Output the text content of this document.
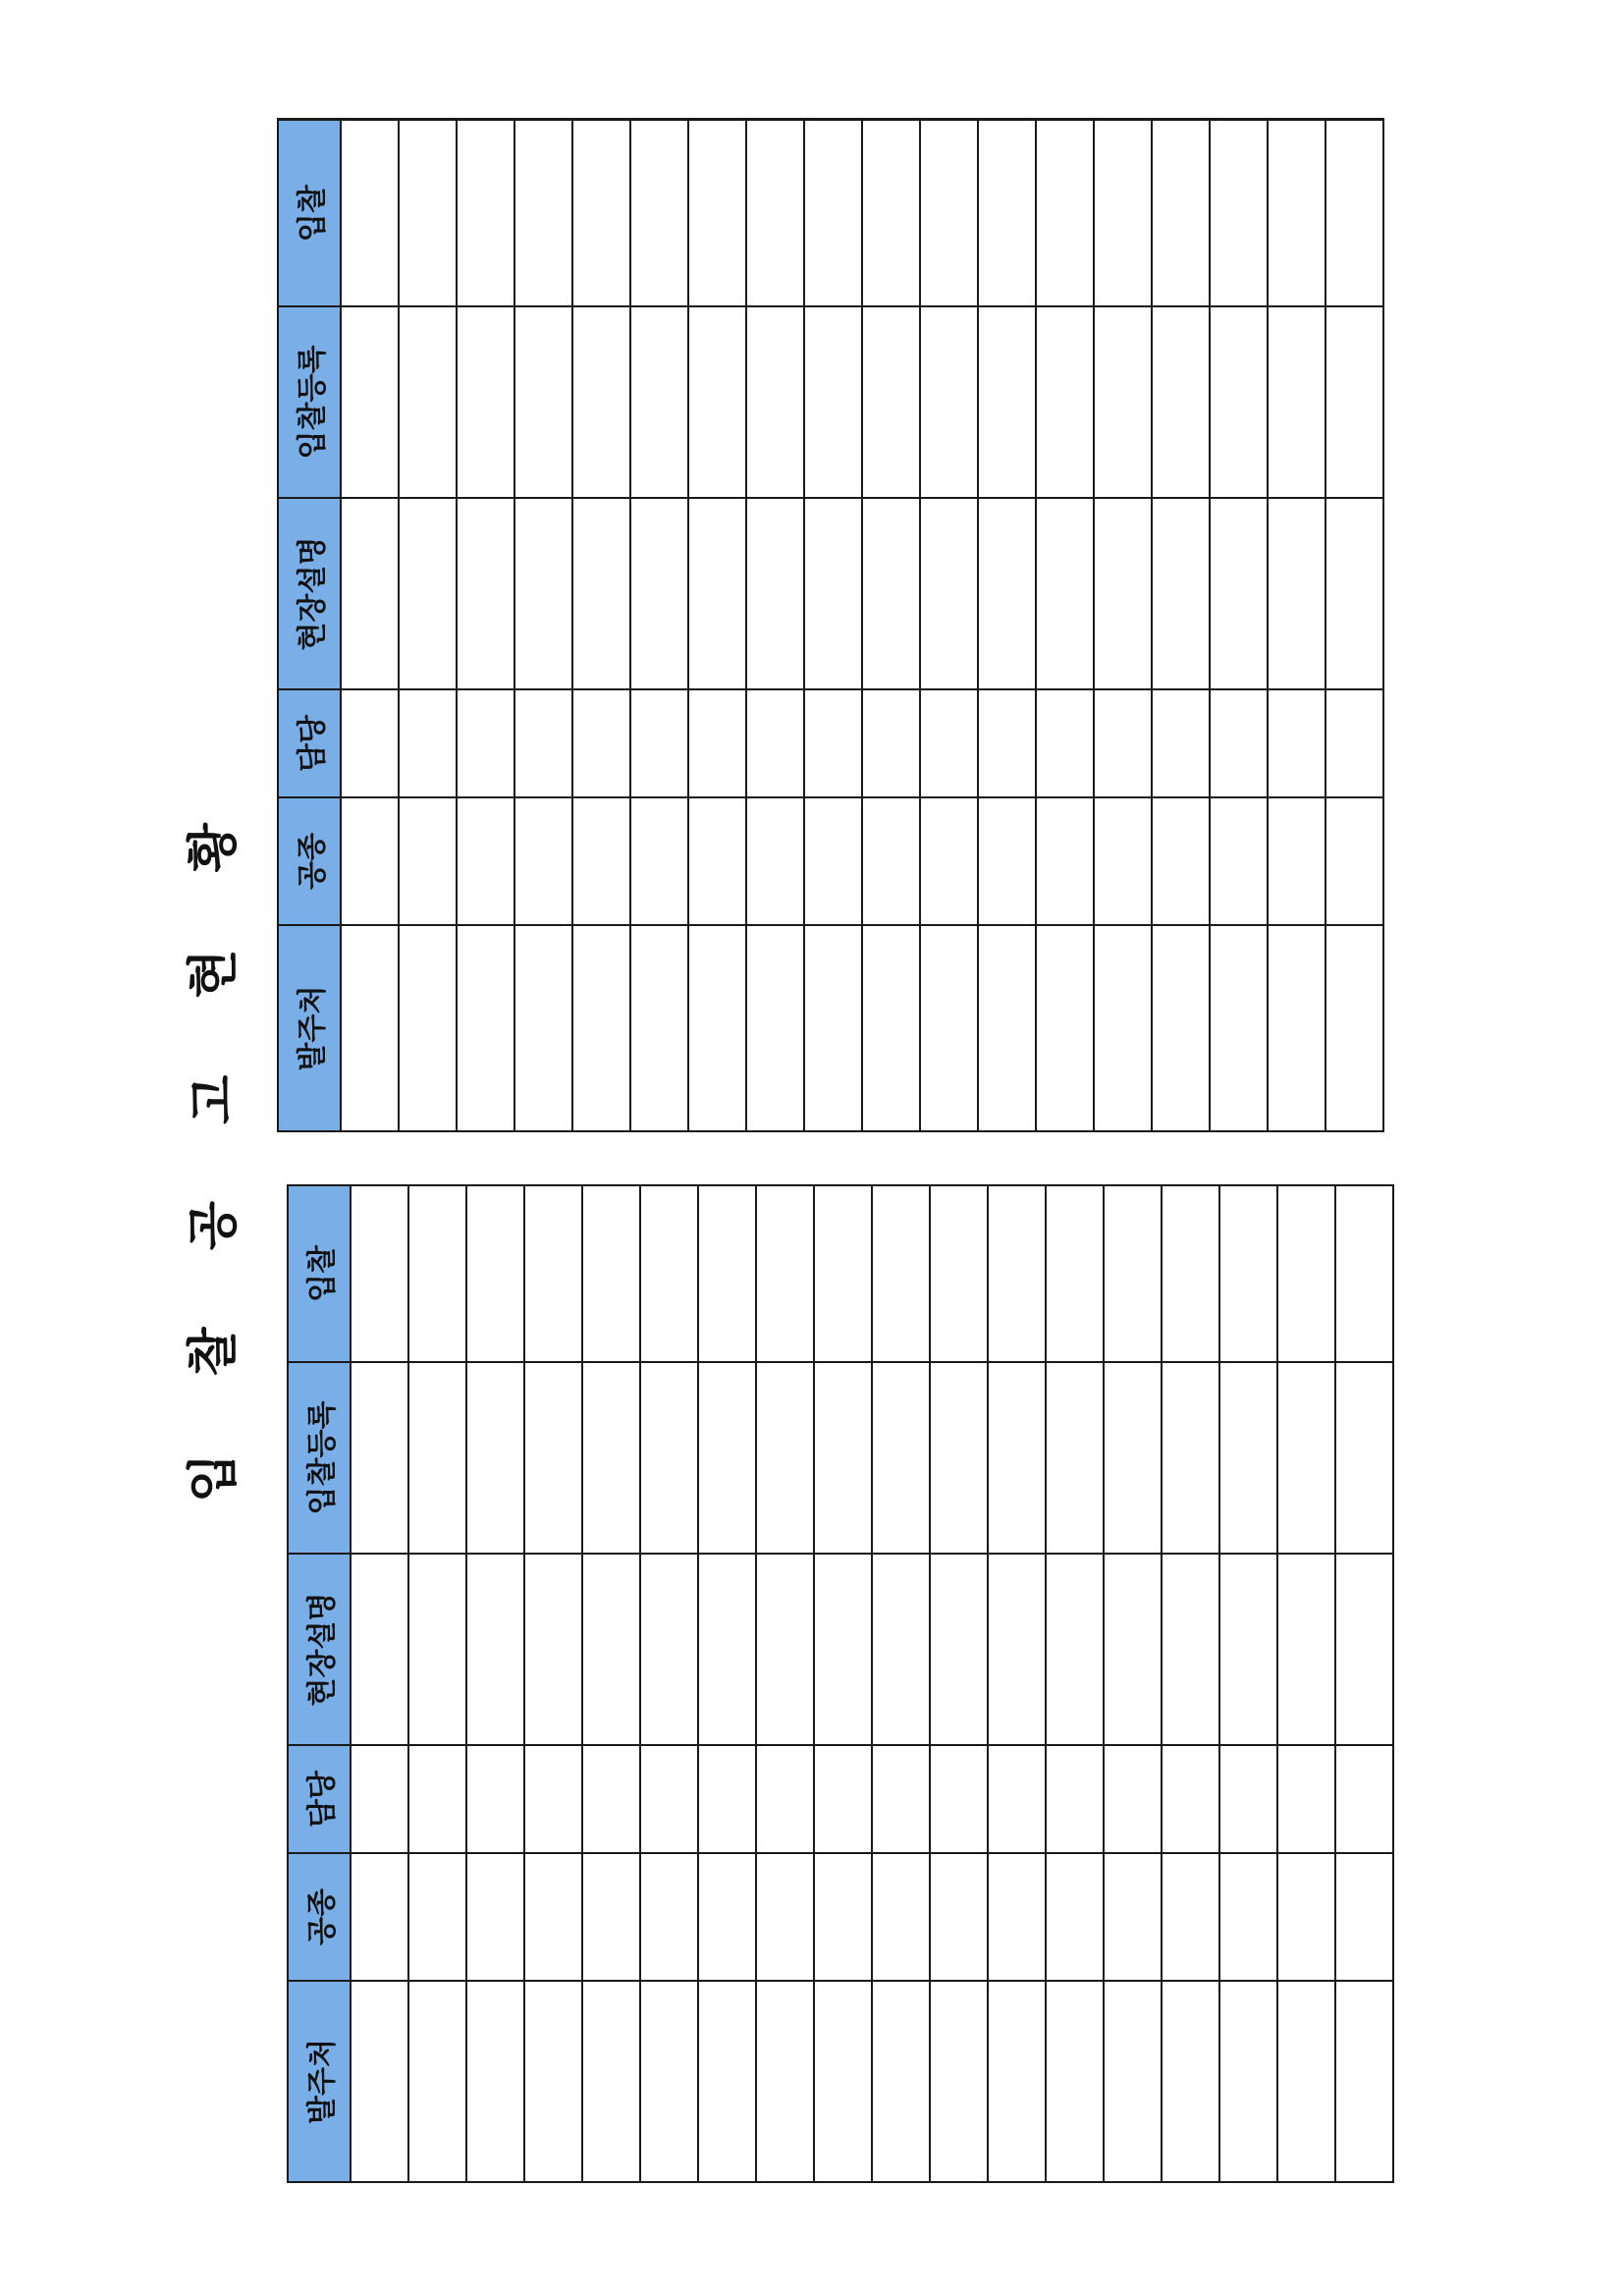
입 찰 공 고 현 황
발주처	공종	담당	현장설명	입찰등록	입찰

발주처	공종	담당	현장설명	입찰등록	입찰
